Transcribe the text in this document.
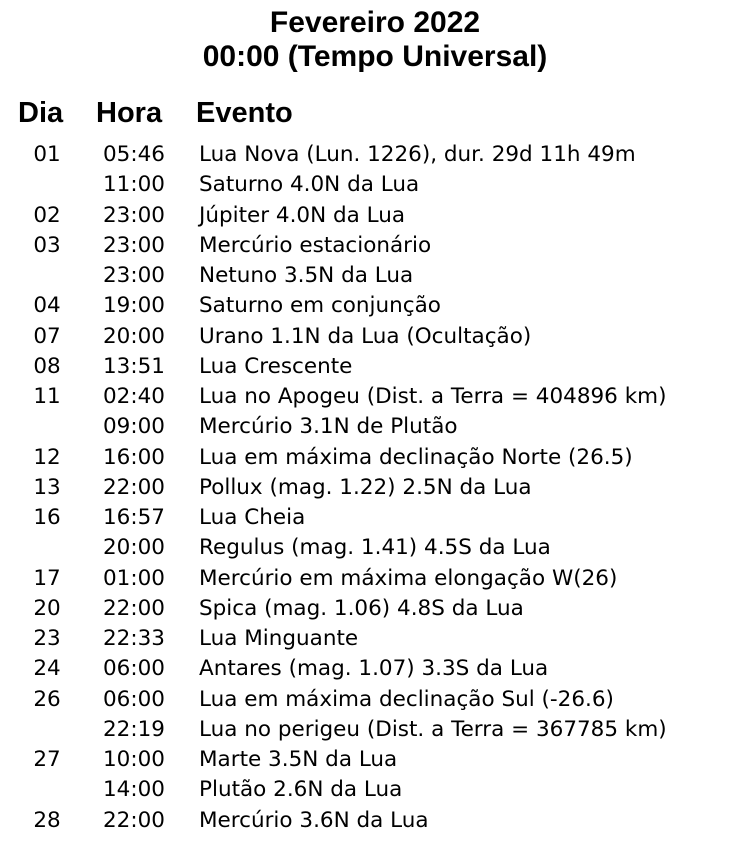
Fevereiro 2022
00:00 (Tempo Universal)
Dia Hora Evento
01 05:46 Lua Nova (Lun. 1226), dur. 29d 11h 49m
11:00 Saturno 4.0N da Lua
02 23:00 Júpiter 4.0N da Lua
03 23:00 Mercúrio estacionário
23:00 Netuno 3.5N da Lua
04 19:00 Saturno em conjunção
07 20:00 Urano 1.1N da Lua (Ocultação)
08 13:51 Lua Crescente
11 02:40 Lua no Apogeu (Dist. a Terra = 404896 km)
09:00 Mercúrio 3.1N de Plutão
12 16:00 Lua em máxima declinação Norte (26.5)
13 22:00 Pollux (mag. 1.22) 2.5N da Lua
16 16:57 Lua Cheia
20:00 Regulus (mag. 1.41) 4.5S da Lua
17 01:00 Mercúrio em máxima elongação W(26)
20 22:00 Spica (mag. 1.06) 4.8S da Lua
23 22:33 Lua Minguante
24 06:00 Antares (mag. 1.07) 3.3S da Lua
26 06:00 Lua em máxima declinação Sul (-26.6)
22:19 Lua no perigeu (Dist. a Terra = 367785 km)
27 10:00 Marte 3.5N da Lua
14:00 Plutão 2.6N da Lua
28 22:00 Mercúrio 3.6N da Lua
